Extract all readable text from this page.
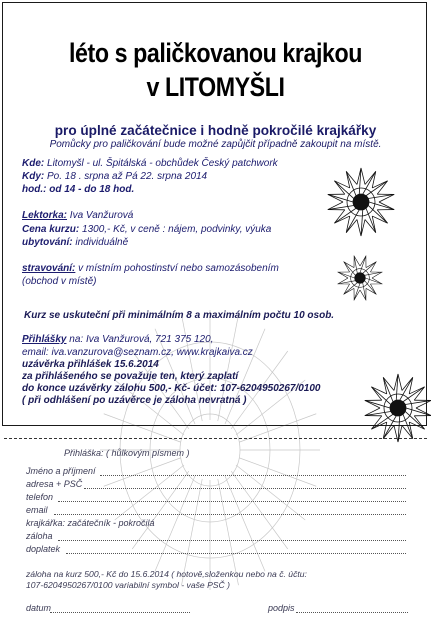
léto s paličkovanou krajkou
v LITOMYŠLI
pro úplné začátečnice i hodně pokročilé krajkářky
Pomůcky pro paličkování bude možné zapůjčit případně zakoupit na místě.
Kde: Litomyšl - ul. Špitálská - obchůdek Český patchwork
Kdy: Po. 18 . srpna až Pá 22. srpna 2014
hod.: od 14 - do 18 hod.
Lektorka: Iva Vanžurová
Cena kurzu: 1300,- Kč, v ceně : nájem, podvinky, výuka
ubytování: individuálně
stravování: v místním pohostinství nebo samozásobením
(obchod v místě)
Kurz se uskuteční při minimálním 8 a maximálním počtu 10 osob.
Přihlášky na: Iva Vanžurová, 721 375 120,
email: iva.vanzurova@seznam.cz, www.krajkaiva.cz
uzávěrka přihlášek 15.6.2014
za přihlášeného se považuje ten, který zaplatí
do konce uzávěrky zálohu 500,- Kč- účet: 107-6204950267/0100
( při odhlášení po uzávěrce je záloha nevratná )
Přihláška: ( hůlkovým písmem )
Jméno a příjmení
adresa + PSČ
telefon
email
krajkářka: začátečník - pokročilá
záloha
doplatek
záloha na kurz 500,- Kč do 15.6.2014 ( hotově,složenkou nebo na č. účtu:
107-6204950267/0100 variabilní symbol - vaše PSČ )
datum	podpis
